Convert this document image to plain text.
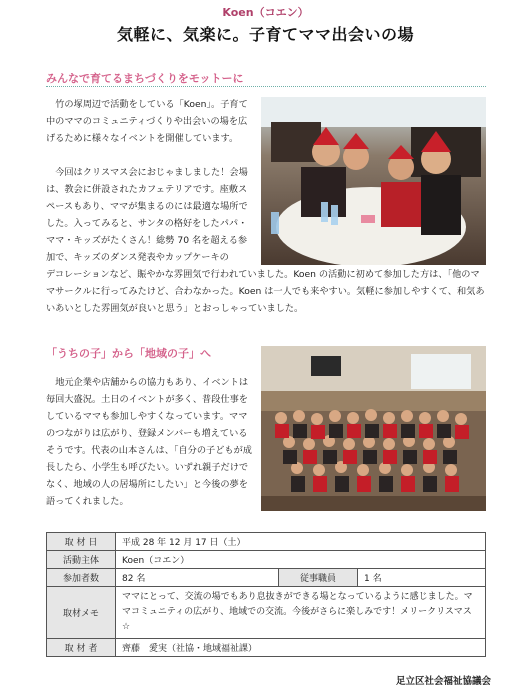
Koen（コエン）
気軽に、気楽に。子育てママ出会いの場
みんなで育てるまちづくりをモットーに
竹の塚周辺で活動をしている「Koen」。子育て中のママのコミュニティづくりや出会いの場を広げるために様々なイベントを開催しています。

今回はクリスマス会におじゃましました！会場は、教会に併設されたカフェテリアです。座敷スペースもあり、ママが集まるのには最適な場所でした。入ってみると、サンタの格好をしたパパ・ママ・キッズがたくさん！総勢 70 名を超える参加で、キッズのダンス発表やカップケーキの

デコレーションなど、賑やかな雰囲気で行われていました。Koen の活動に初めて参加した方は、「他のママサークルに行ってみたけど、合わなかった。Koen は一人でも来やすい。気軽に参加しやすくて、和気あいあいとした雰囲気が良いと思う」とおっしゃっていました。
「うちの子」から「地域の子」へ
地元企業や店舗からの協力もあり、イベントは毎回大盛況。土日のイベントが多く、普段仕事をしているママも参加しやすくなっています。ママのつながりは広がり、登録メンバーも増えているそうです。代表の山本さんは、「自分の子どもが成長したら、小学生も呼びたい。いずれ親子だけでなく、地域の人の居場所にしたい」と今後の夢を語ってくれました。
取 材 日	平成 28 年 12 月 17 日（土）		
活動主体	Koen（コエン）		
参加者数	82 名	従事職員	1 名
取材メモ	ママにとって、交流の場でもあり息抜きができる場となっているように感じました。ママコミュニティの広がり、地域での交流。今後がさらに楽しみです！メリークリスマス☆		
取 材 者	齊藤　愛実（社協・地域福祉課）		
足立区社会福祉協議会
